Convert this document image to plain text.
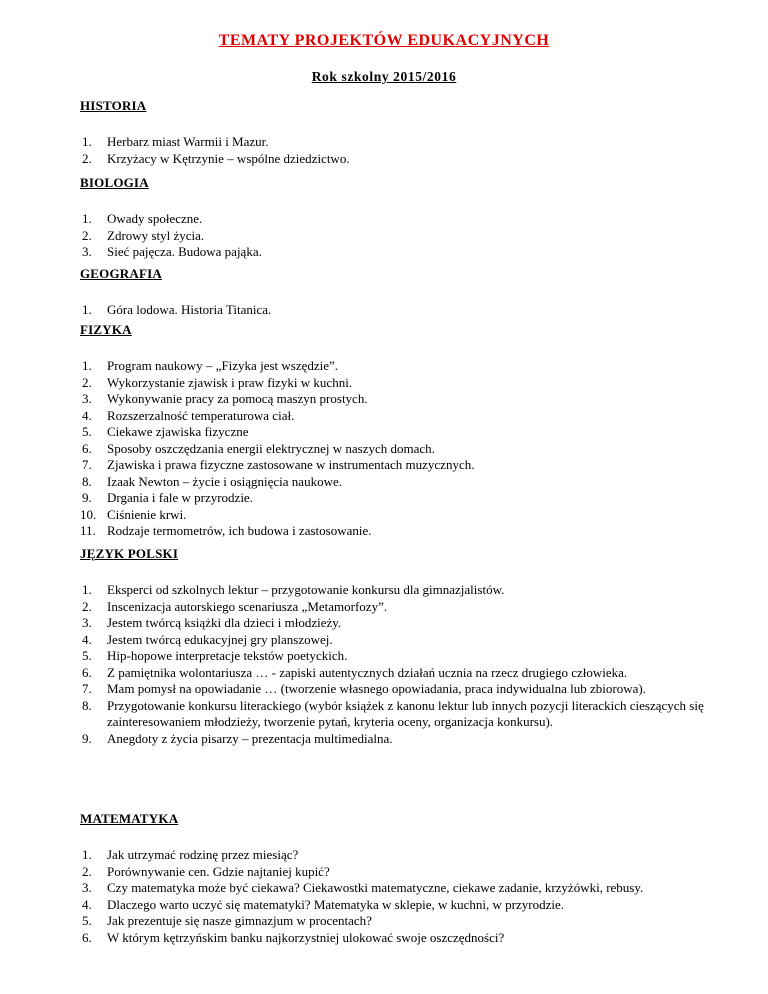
TEMATY PROJEKTÓW EDUKACYJNYCH
Rok szkolny 2015/2016
HISTORIA
1.	Herbarz miast Warmii i Mazur.
2.	Krzyżacy w Kętrzynie – wspólne dziedzictwo.
BIOLOGIA
1.	Owady społeczne.
2.	Zdrowy styl życia.
3.	Sieć pajęcza. Budowa pająka.
GEOGRAFIA
1.	Góra lodowa. Historia Titanica.
FIZYKA
1.	Program naukowy – „Fizyka jest wszędzie”.
2.	Wykorzystanie zjawisk i praw fizyki w kuchni.
3.	Wykonywanie pracy za pomocą maszyn prostych.
4.	Rozszerzalność temperaturowa ciał.
5.	Ciekawe zjawiska fizyczne
6.	Sposoby oszczędzania energii elektrycznej w naszych domach.
7.	Zjawiska i prawa fizyczne zastosowane w instrumentach muzycznych.
8.	Izaak Newton – życie i osiągnięcia naukowe.
9.	Drgania i fale w przyrodzie.
10. Ciśnienie krwi.
11. Rodzaje termometrów, ich budowa i zastosowanie.
JĘZYK POLSKI
1.	Eksperci od szkolnych lektur – przygotowanie konkursu dla gimnazjalistów.
2.	Inscenizacja autorskiego scenariusza „Metamorfozy”.
3.	Jestem twórcą książki dla dzieci i młodzieży.
4.	Jestem twórcą edukacyjnej gry planszowej.
5.	Hip-hopowe interpretacje tekstów poetyckich.
6.	Z pamiętnika wolontariusza … - zapiski autentycznych działań ucznia na rzecz drugiego człowieka.
7.	Mam pomysł na opowiadanie … (tworzenie własnego opowiadania, praca indywidualna lub zbiorowa).
8.	Przygotowanie konkursu literackiego (wybór książek z kanonu lektur lub innych pozycji literackich cieszących się zainteresowaniem młodzieży, tworzenie pytań, kryteria oceny, organizacja konkursu).
9.	Anegdoty z życia pisarzy – prezentacja multimedialna.
MATEMATYKA
1.	Jak utrzymać rodzinę przez miesiąc?
2.	Porównywanie cen. Gdzie najtaniej kupić?
3.	Czy matematyka może być ciekawa? Ciekawostki matematyczne, ciekawe zadanie, krzyżówki, rebusy.
4.	Dlaczego warto uczyć się matematyki? Matematyka w sklepie, w kuchni, w przyrodzie.
5.	Jak prezentuje się nasze gimnazjum w procentach?
6.	W którym kętrzyńskim banku najkorzystniej ulokować swoje oszczędności?
